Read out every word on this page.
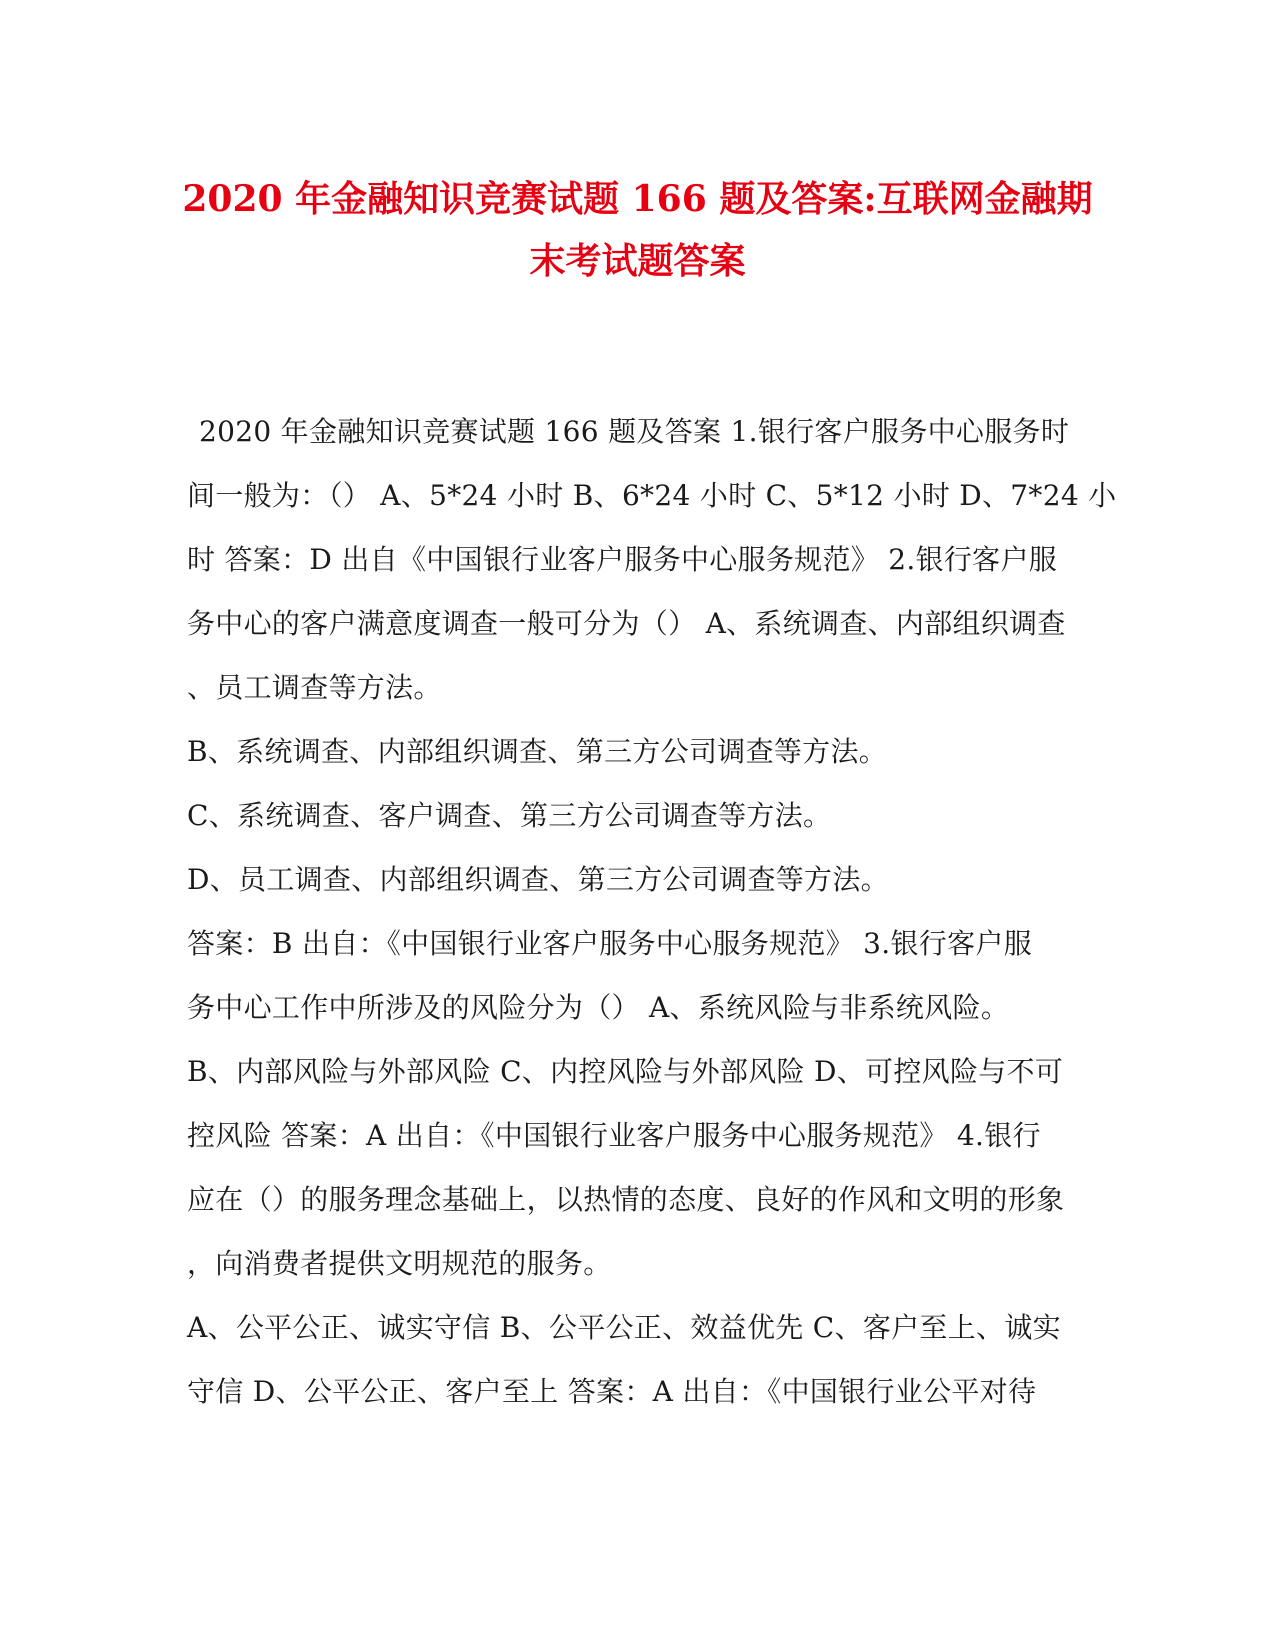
2020 年金融知识竞赛试题 166 题及答案:互联网金融期
末考试题答案
2020 年金融知识竞赛试题 166 题及答案 1.银行客户服务中心服务时
间一般为：（） A、5*24 小时 B、6*24 小时 C、5*12 小时 D、7*24 小
时 答案：D 出自《中国银行业客户服务中心服务规范》 2.银行客户服
务中心的客户满意度调查一般可分为（） A、系统调查、内部组织调查
、员工调查等方法。
B、系统调查、内部组织调查、第三方公司调查等方法。
C、系统调查、客户调查、第三方公司调查等方法。
D、员工调查、内部组织调查、第三方公司调查等方法。
答案：B 出自：《中国银行业客户服务中心服务规范》 3.银行客户服
务中心工作中所涉及的风险分为（） A、系统风险与非系统风险。
B、内部风险与外部风险 C、内控风险与外部风险 D、可控风险与不可
控风险 答案：A 出自：《中国银行业客户服务中心服务规范》 4.银行
应在（）的服务理念基础上，以热情的态度、良好的作风和文明的形象
，向消费者提供文明规范的服务。
A、公平公正、诚实守信 B、公平公正、效益优先 C、客户至上、诚实
守信 D、公平公正、客户至上 答案：A 出自：《中国银行业公平对待
